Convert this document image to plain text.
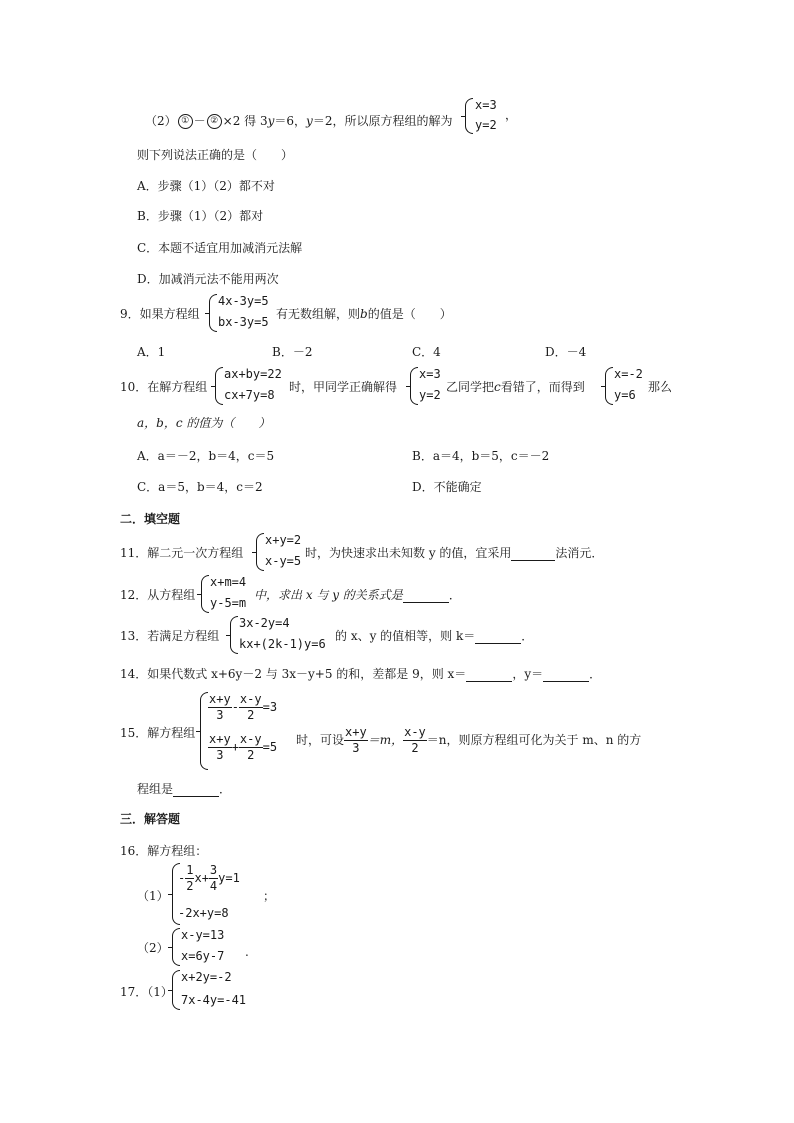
（2） ① － ② ×2 得 3y＝6，y＝2，所以原方程组的解为
x=3
y=2
，
则下列说法正确的是（　　）
A．步骤（1）（2）都不对
B．步骤（1）（2）都对
C．本题不适宜用加减消元法解
D．加减消元法不能用两次
9．如果方程组
4x-3y=5
bx-3y=5
有无数组解，则b的值是（　　）
A．1	B．－2	C．4	D．－4
10．在解方程组
ax+by=22
cx+7y=8
时，甲同学正确解得
x=3
y=2
乙同学把c看错了，而得到
x=-2
y=6
那么
a，b，c 的值为（　　）
A．a＝－2，b＝4，c＝5	B．a＝4，b＝5，c＝－2
C．a＝5，b＝4，c＝2	D．不能确定
二．填空题
11．解二元一次方程组
x+y=2
x-y=5
时，为快速求出未知数 y 的值，宜采用	法消元．
12．从方程组
x+m=4
y-5=m
中，求出 x 与 y 的关系式是	．
13．若满足方程组
3x-2y=4
kx+(2k-1)y=6
的 x、y 的值相等，则 k＝	．
14．如果代数式 x+6y－2 与 3x－y+5 的和，差都是 9，则 x＝	，y＝	．
15．解方程组
$\frac{x+y}{3} - \frac{x-y}{2} =3$
$\frac{x+y}{3} + \frac{x-y}{2} =5$ 时，可设 $\frac{x+y}{3} =m$， $\frac{x-y}{2} =n$，则原方程组可化为关于 m、n 的方
程组是	．
三．解答题
16．解方程组：
（1）
- $\frac{1}{2} x+ \frac{3}{4} y=1$
-2x+y=8
；
（2）
x-y=13
x=6y-7 .
17．（1）
x+2y=-2
7x-4y=-41
